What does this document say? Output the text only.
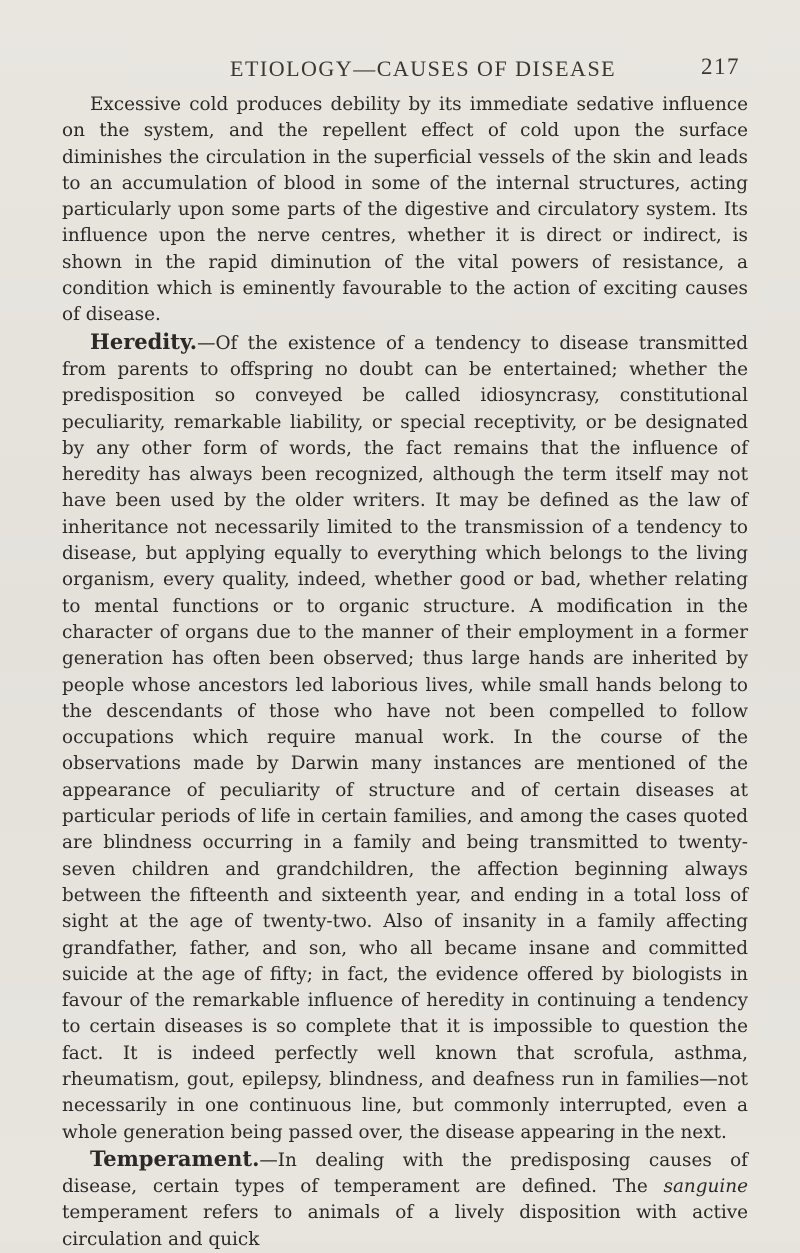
ETIOLOGY—CAUSES OF DISEASE	217

Excessive cold produces debility by its immediate sedative influence on the system, and the repellent effect of cold upon the surface diminishes the circulation in the superficial vessels of the skin and leads to an accumulation of blood in some of the internal structures, acting particularly upon some parts of the digestive and circulatory system. Its influence upon the nerve centres, whether it is direct or indirect, is shown in the rapid diminution of the vital powers of resistance, a condition which is eminently favourable to the action of exciting causes of disease.

Heredity.—Of the existence of a tendency to disease transmitted from parents to offspring no doubt can be entertained; whether the predisposition so conveyed be called idiosyncrasy, constitutional peculiarity, remarkable liability, or special receptivity, or be designated by any other form of words, the fact remains that the influence of heredity has always been recognized, although the term itself may not have been used by the older writers. It may be defined as the law of inheritance not necessarily limited to the transmission of a tendency to disease, but applying equally to everything which belongs to the living organism, every quality, indeed, whether good or bad, whether relating to mental functions or to organic structure. A modification in the character of organs due to the manner of their employment in a former generation has often been observed; thus large hands are inherited by people whose ancestors led laborious lives, while small hands belong to the descendants of those who have not been compelled to follow occupations which require manual work. In the course of the observations made by Darwin many instances are mentioned of the appearance of peculiarity of structure and of certain diseases at particular periods of life in certain families, and among the cases quoted are blindness occurring in a family and being transmitted to twenty-seven children and grandchildren, the affection beginning always between the fifteenth and sixteenth year, and ending in a total loss of sight at the age of twenty-two. Also of insanity in a family affecting grandfather, father, and son, who all became insane and committed suicide at the age of fifty; in fact, the evidence offered by biologists in favour of the remarkable influence of heredity in continuing a tendency to certain diseases is so complete that it is impossible to question the fact. It is indeed perfectly well known that scrofula, asthma, rheumatism, gout, epilepsy, blindness, and deafness run in families—not necessarily in one continuous line, but commonly interrupted, even a whole generation being passed over, the disease appearing in the next.

Temperament.—In dealing with the predisposing causes of disease, certain types of temperament are defined. The sanguine temperament refers to animals of a lively disposition with active circulation and quick
